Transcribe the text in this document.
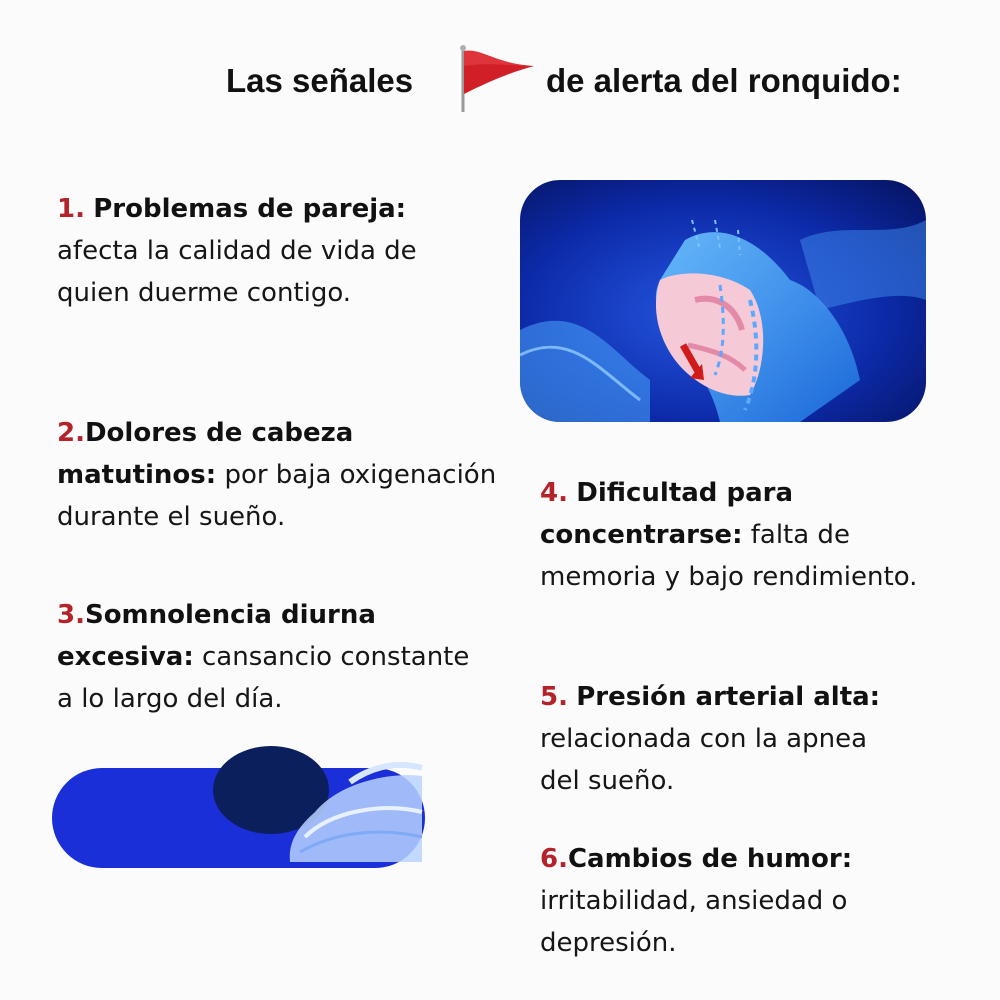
Las señales	de alerta del ronquido:

1. Problemas de pareja: afecta la calidad de vida de quien duerme contigo.

2.Dolores de cabeza matutinos: por baja oxigenación durante el sueño.

3.Somnolencia diurna excesiva: cansancio constante a lo largo del día.

4. Dificultad para concentrarse: falta de memoria y bajo rendimiento.

5. Presión arterial alta: relacionada con la apnea del sueño.

6.Cambios de humor: irritabilidad, ansiedad o depresión.
